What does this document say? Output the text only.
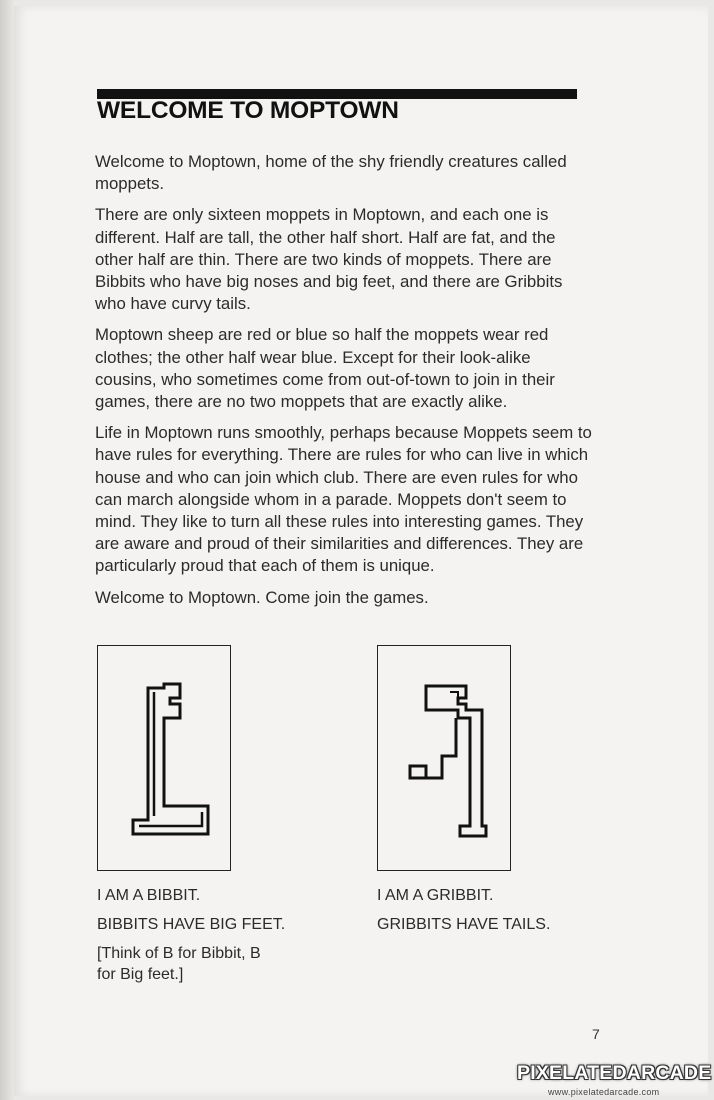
WELCOME TO MOPTOWN

Welcome to Moptown, home of the shy friendly creatures called moppets.

There are only sixteen moppets in Moptown, and each one is different. Half are tall, the other half short. Half are fat, and the other half are thin. There are two kinds of moppets. There are Bibbits who have big noses and big feet, and there are Gribbits who have curvy tails.

Moptown sheep are red or blue so half the moppets wear red clothes; the other half wear blue. Except for their look-alike cousins, who sometimes come from out-of-town to join in their games, there are no two moppets that are exactly alike.

Life in Moptown runs smoothly, perhaps because Moppets seem to have rules for everything. There are rules for who can live in which house and who can join which club. There are even rules for who can march alongside whom in a parade. Moppets don't seem to mind. They like to turn all these rules into interesting games. They are aware and proud of their similarities and differences. They are particularly proud that each of them is unique.

Welcome to Moptown. Come join the games.

I AM A BIBBIT.

BIBBITS HAVE BIG FEET.

[Think of B for Bibbit, B for Big feet.]

I AM A GRIBBIT.

GRIBBITS HAVE TAILS.

7
PIXELATEDARCADE
www.pixelatedarcade.com
